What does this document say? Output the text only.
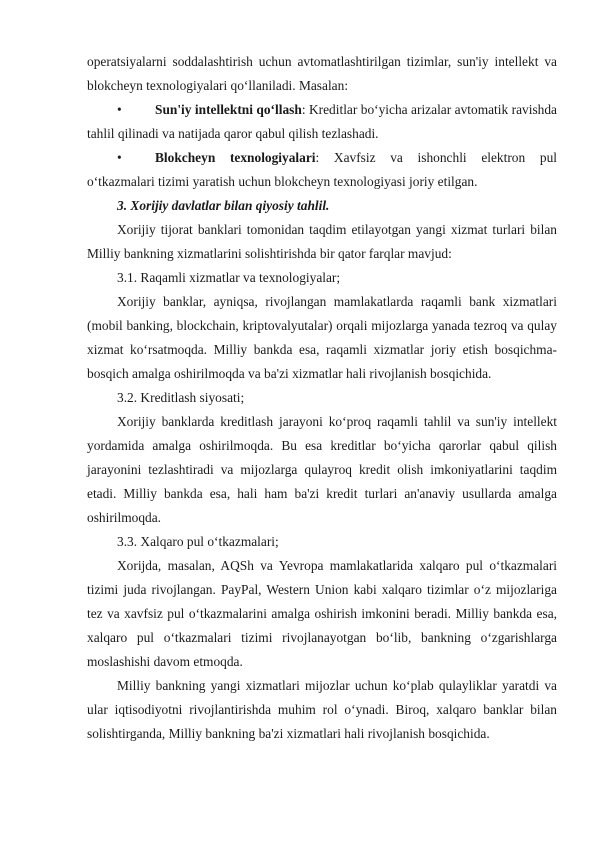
operatsiyalarni soddalashtirish uchun avtomatlashtirilgan tizimlar, sun'iy intellekt va blokcheyn texnologiyalari qo‘llaniladi. Masalan:

• Sun'iy intellektni qo‘llash: Kreditlar bo‘yicha arizalar avtomatik ravishda tahlil qilinadi va natijada qaror qabul qilish tezlashadi.

• Blokcheyn texnologiyalari: Xavfsiz va ishonchli elektron pul o‘tkazmalari tizimi yaratish uchun blokcheyn texnologiyasi joriy etilgan.

3. Xorijiy davlatlar bilan qiyosiy tahlil.

Xorijiy tijorat banklari tomonidan taqdim etilayotgan yangi xizmat turlari bilan Milliy bankning xizmatlarini solishtirishda bir qator farqlar mavjud:

3.1. Raqamli xizmatlar va texnologiyalar;

Xorijiy banklar, ayniqsa, rivojlangan mamlakatlarda raqamli bank xizmatlari (mobil banking, blockchain, kriptovalyutalar) orqali mijozlarga yanada tezroq va qulay xizmat ko‘rsatmoqda. Milliy bankda esa, raqamli xizmatlar joriy etish bosqichma-bosqich amalga oshirilmoqda va ba'zi xizmatlar hali rivojlanish bosqichida.

3.2. Kreditlash siyosati;

Xorijiy banklarda kreditlash jarayoni ko‘proq raqamli tahlil va sun'iy intellekt yordamida amalga oshirilmoqda. Bu esa kreditlar bo‘yicha qarorlar qabul qilish jarayonini tezlashtiradi va mijozlarga qulayroq kredit olish imkoniyatlarini taqdim etadi. Milliy bankda esa, hali ham ba'zi kredit turlari an'anaviy usullarda amalga oshirilmoqda.

3.3. Xalqaro pul o‘tkazmalari;

Xorijda, masalan, AQSh va Yevropa mamlakatlarida xalqaro pul o‘tkazmalari tizimi juda rivojlangan. PayPal, Western Union kabi xalqaro tizimlar o‘z mijozlariga tez va xavfsiz pul o‘tkazmalarini amalga oshirish imkonini beradi. Milliy bankda esa, xalqaro pul o‘tkazmalari tizimi rivojlanayotgan bo‘lib, bankning o‘zgarishlarga moslashishi davom etmoqda.

Milliy bankning yangi xizmatlari mijozlar uchun ko‘plab qulayliklar yaratdi va ular iqtisodiyotni rivojlantirishda muhim rol o‘ynadi. Biroq, xalqaro banklar bilan solishtirganda, Milliy bankning ba'zi xizmatlari hali rivojlanish bosqichida.
